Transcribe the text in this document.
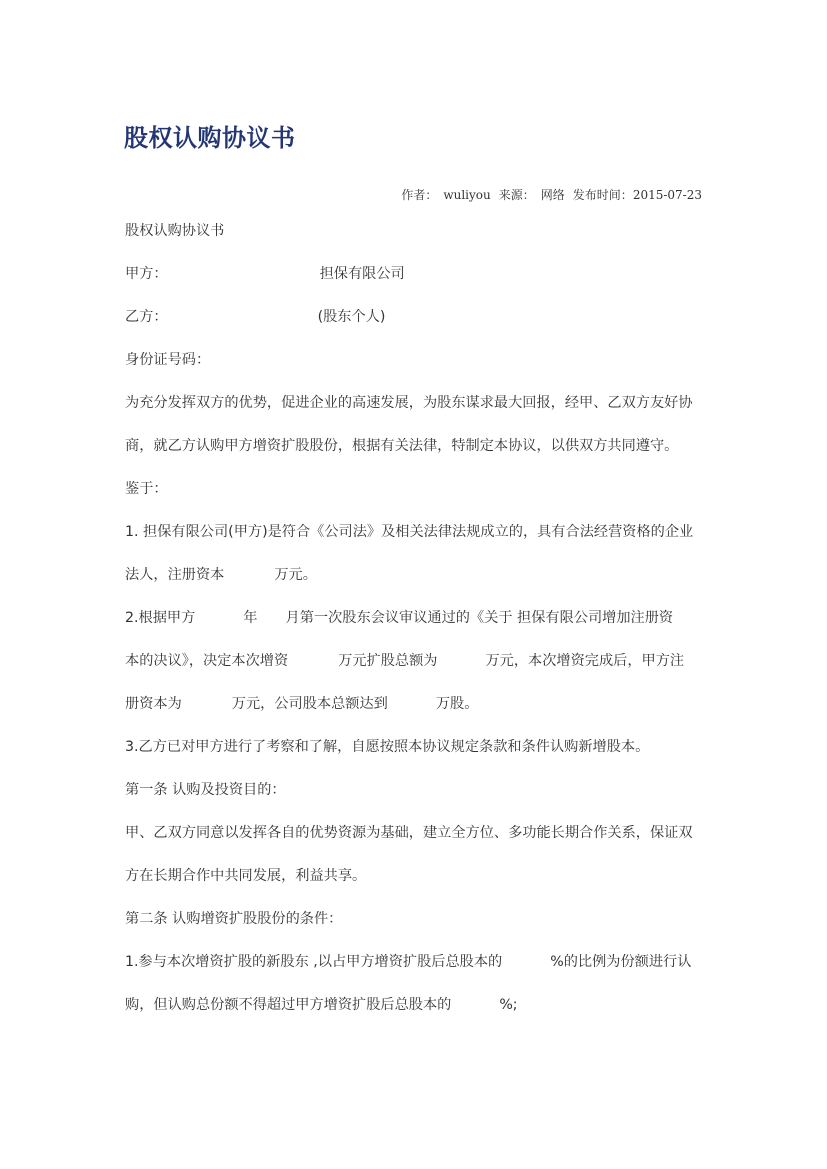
股权认购协议书
作者： wuliyou 来源： 网络 发布时间：2015-07-23
股权认购协议书
甲方：	担保有限公司
乙方：	(股东个人)
身份证号码：
为充分发挥双方的优势，促进企业的高速发展，为股东谋求最大回报，经甲、乙双方友好协
商，就乙方认购甲方增资扩股股份，根据有关法律，特制定本协议，以供双方共同遵守。
鉴于：
1. 担保有限公司(甲方)是符合《公司法》及相关法律法规成立的，具有合法经营资格的企业
法人，注册资本	万元。
2.根据甲方	年 月第一次股东会议审议通过的《关于 担保有限公司增加注册资
本的决议》，决定本次增资	万元扩股总额为	万元，本次增资完成后，甲方注
册资本为	万元，公司股本总额达到	万股。
3.乙方已对甲方进行了考察和了解，自愿按照本协议规定条款和条件认购新增股本。
第一条 认购及投资目的：
甲、乙双方同意以发挥各自的优势资源为基础，建立全方位、多功能长期合作关系，保证双
方在长期合作中共同发展，利益共享。
第二条 认购增资扩股股份的条件：
1.参与本次增资扩股的新股东 ,以占甲方增资扩股后总股本的	%的比例为份额进行认
购，但认购总份额不得超过甲方增资扩股后总股本的	%;
